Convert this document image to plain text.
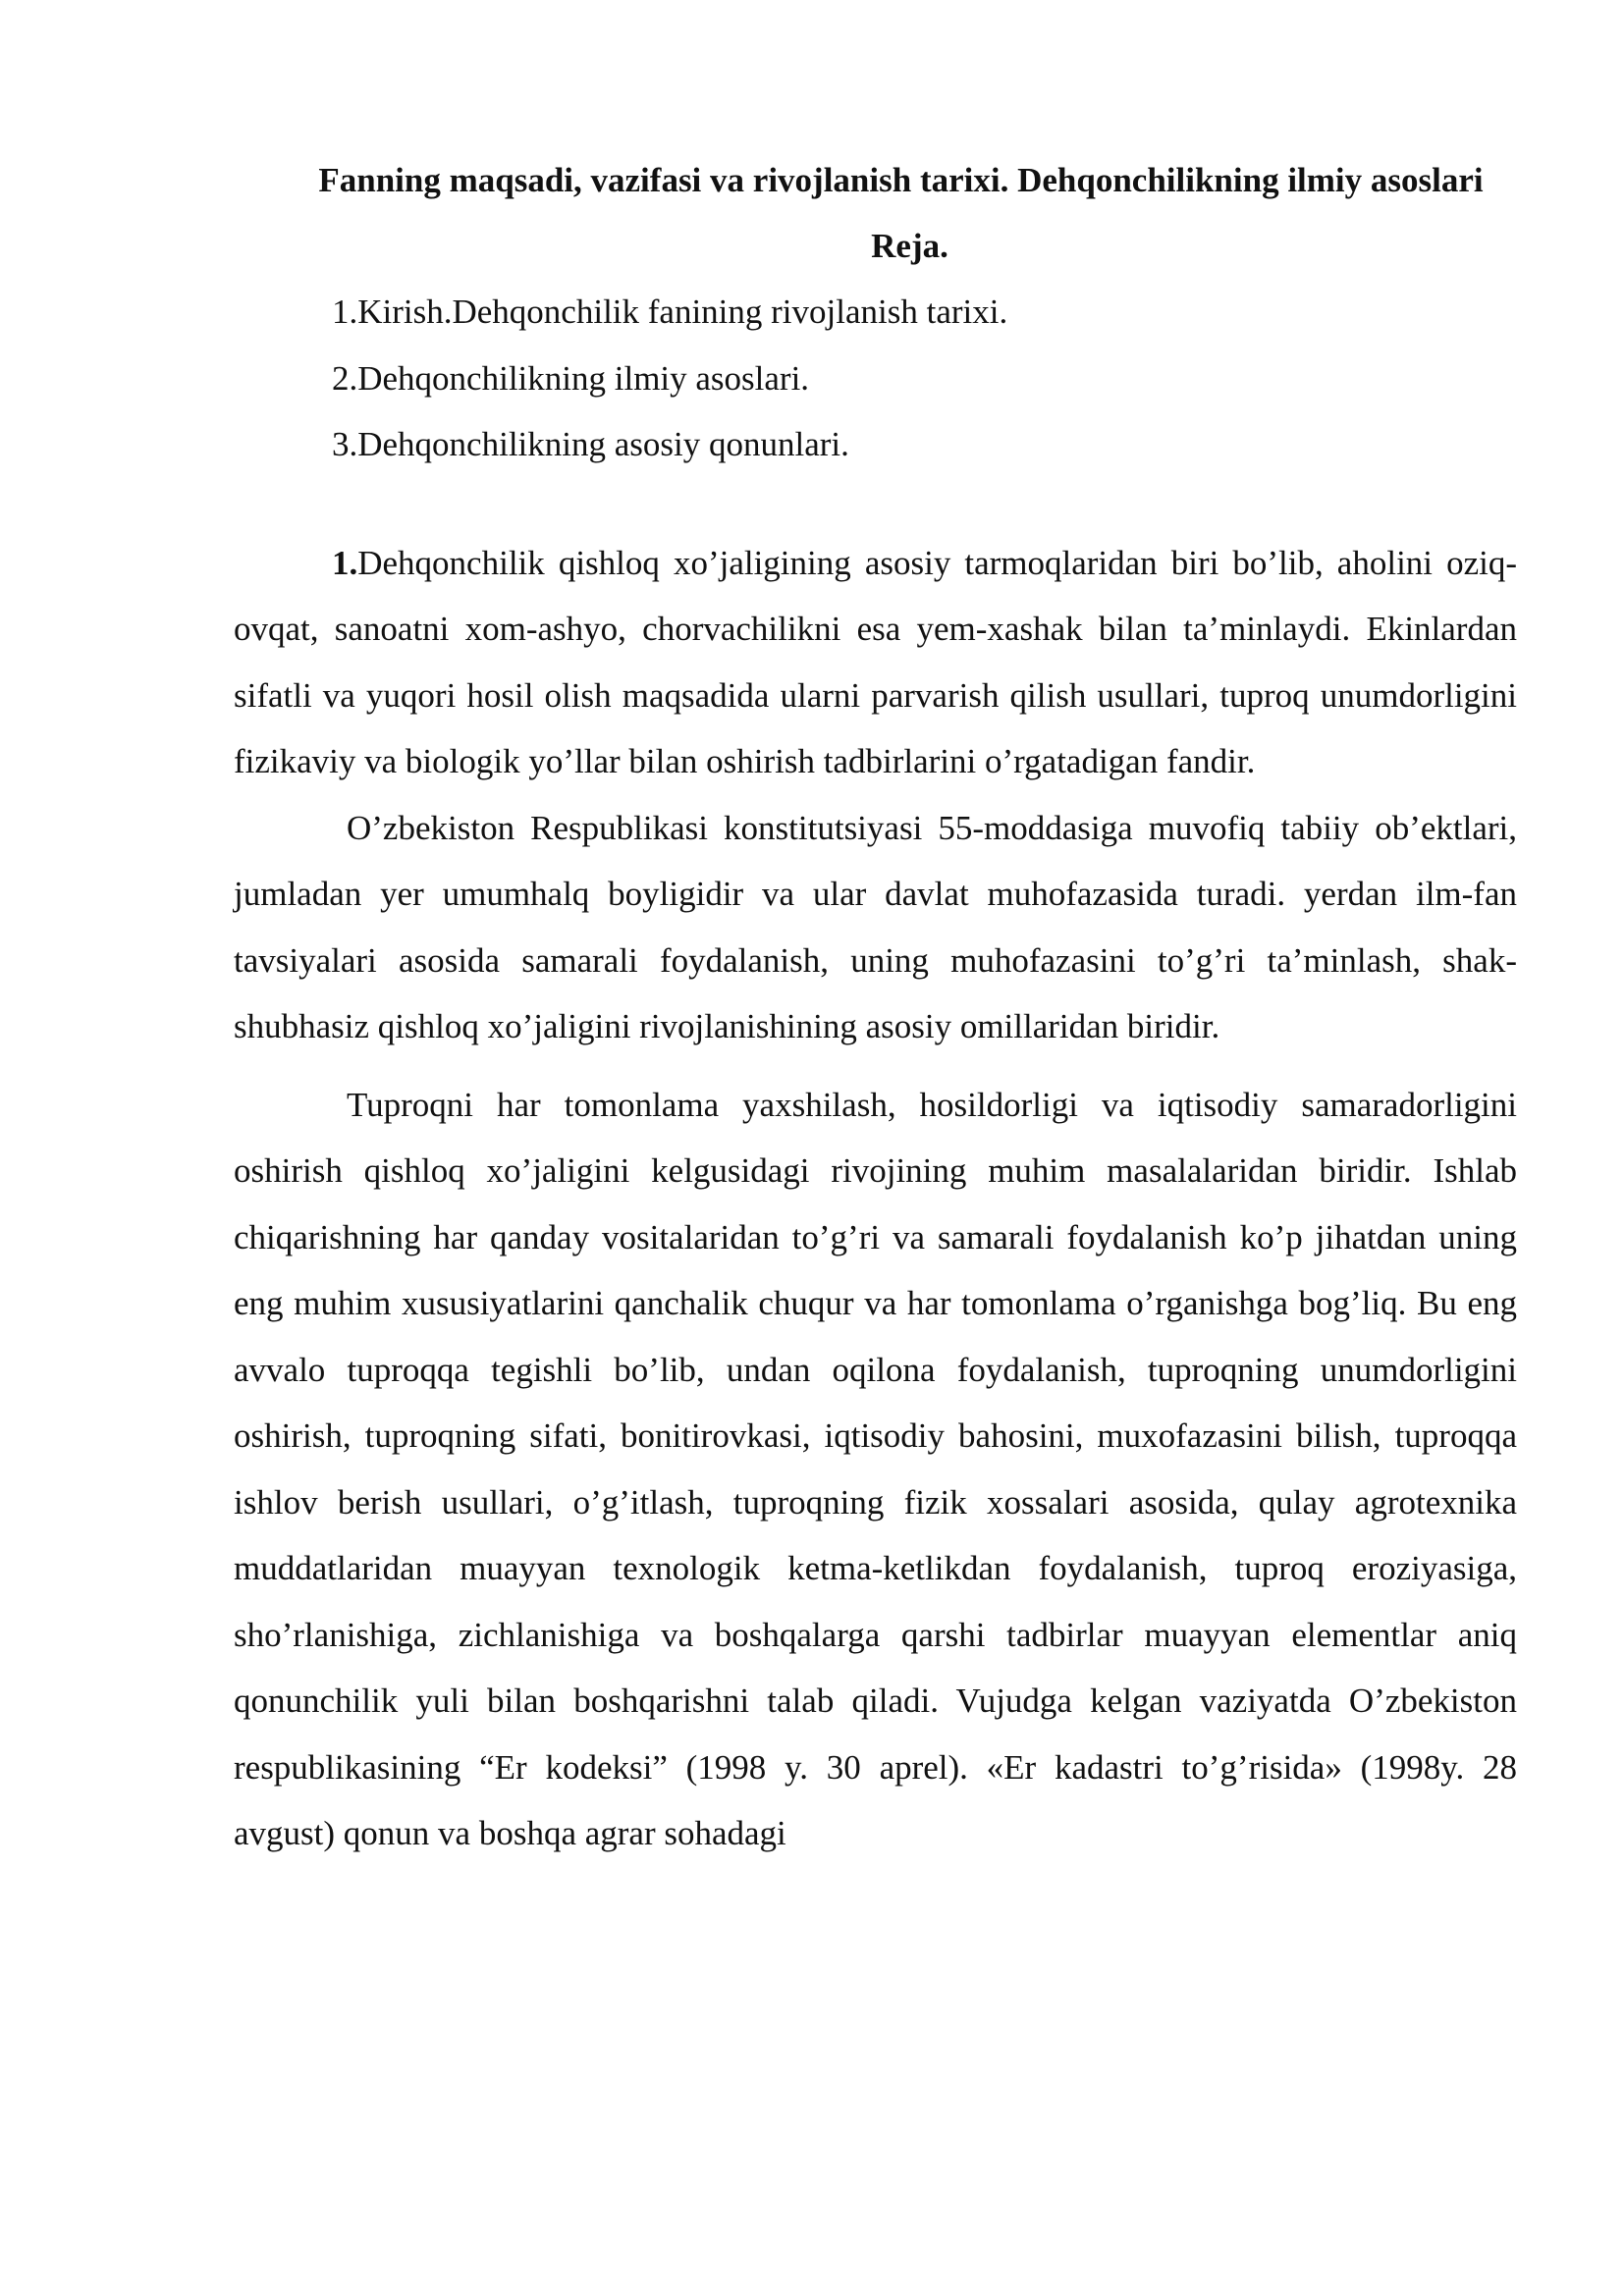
Fanning maqsadi, vazifasi va rivojlanish tarixi. Dehqonchilikning ilmiy asoslari

Reja.

1.Kirish.Dehqonchilik fanining rivojlanish tarixi.
2.Dehqonchilikning ilmiy asoslari.
3.Dehqonchilikning asosiy qonunlari.

1.Dehqonchilik qishloq xo’jaligining asosiy tarmoqlaridan biri bo’lib, aholini oziq-ovqat, sanoatni xom-ashyo, chorvachilikni esa yem-xashak bilan ta’minlaydi. Ekinlardan sifatli va yuqori hosil olish maqsadida ularni parvarish qilish usullari, tuproq unumdorligini fizikaviy va biologik yo’llar bilan oshirish tadbirlarini o’rgatadigan fandir.

O’zbekiston Respublikasi konstitutsiyasi 55-moddasiga muvofiq tabiiy ob’ektlari, jumladan yer umumhalq boyligidir va ular davlat muhofazasida turadi. yerdan ilm-fan tavsiyalari asosida samarali foydalanish, uning muhofazasini to’g’ri ta’minlash, shak-shubhasiz qishloq xo’jaligini rivojlanishining asosiy omillaridan biridir.

Tuproqni har tomonlama yaxshilash, hosildorligi va iqtisodiy samaradorligini oshirish qishloq xo’jaligini kelgusidagi rivojining muhim masalalaridan biridir. Ishlab chiqarishning har qanday vositalaridan to’g’ri va samarali foydalanish ko’p jihatdan uning eng muhim xususiyatlarini qanchalik chuqur va har tomonlama o’rganishga bog’liq. Bu eng avvalo tuproqqa tegishli bo’lib, undan oqilona foydalanish, tuproqning unumdorligini oshirish, tuproqning sifati, bonitirovkasi, iqtisodiy bahosini, muxofazasini bilish, tuproqqa ishlov berish usullari, o’g’itlash, tuproqning fizik xossalari asosida, qulay agrotexnika muddatlaridan muayyan texnologik ketma-ketlikdan foydalanish, tuproq eroziyasiga, sho’rlanishiga, zichlanishiga va boshqalarga qarshi tadbirlar muayyan elementlar aniq qonunchilik yuli bilan boshqarishni talab qiladi. Vujudga kelgan vaziyatda O’zbekiston respublikasining “Er kodeksi” (1998 y. 30 aprel). «Er kadastri to’g’risida» (1998y. 28 avgust) qonun va boshqa agrar sohadagi
